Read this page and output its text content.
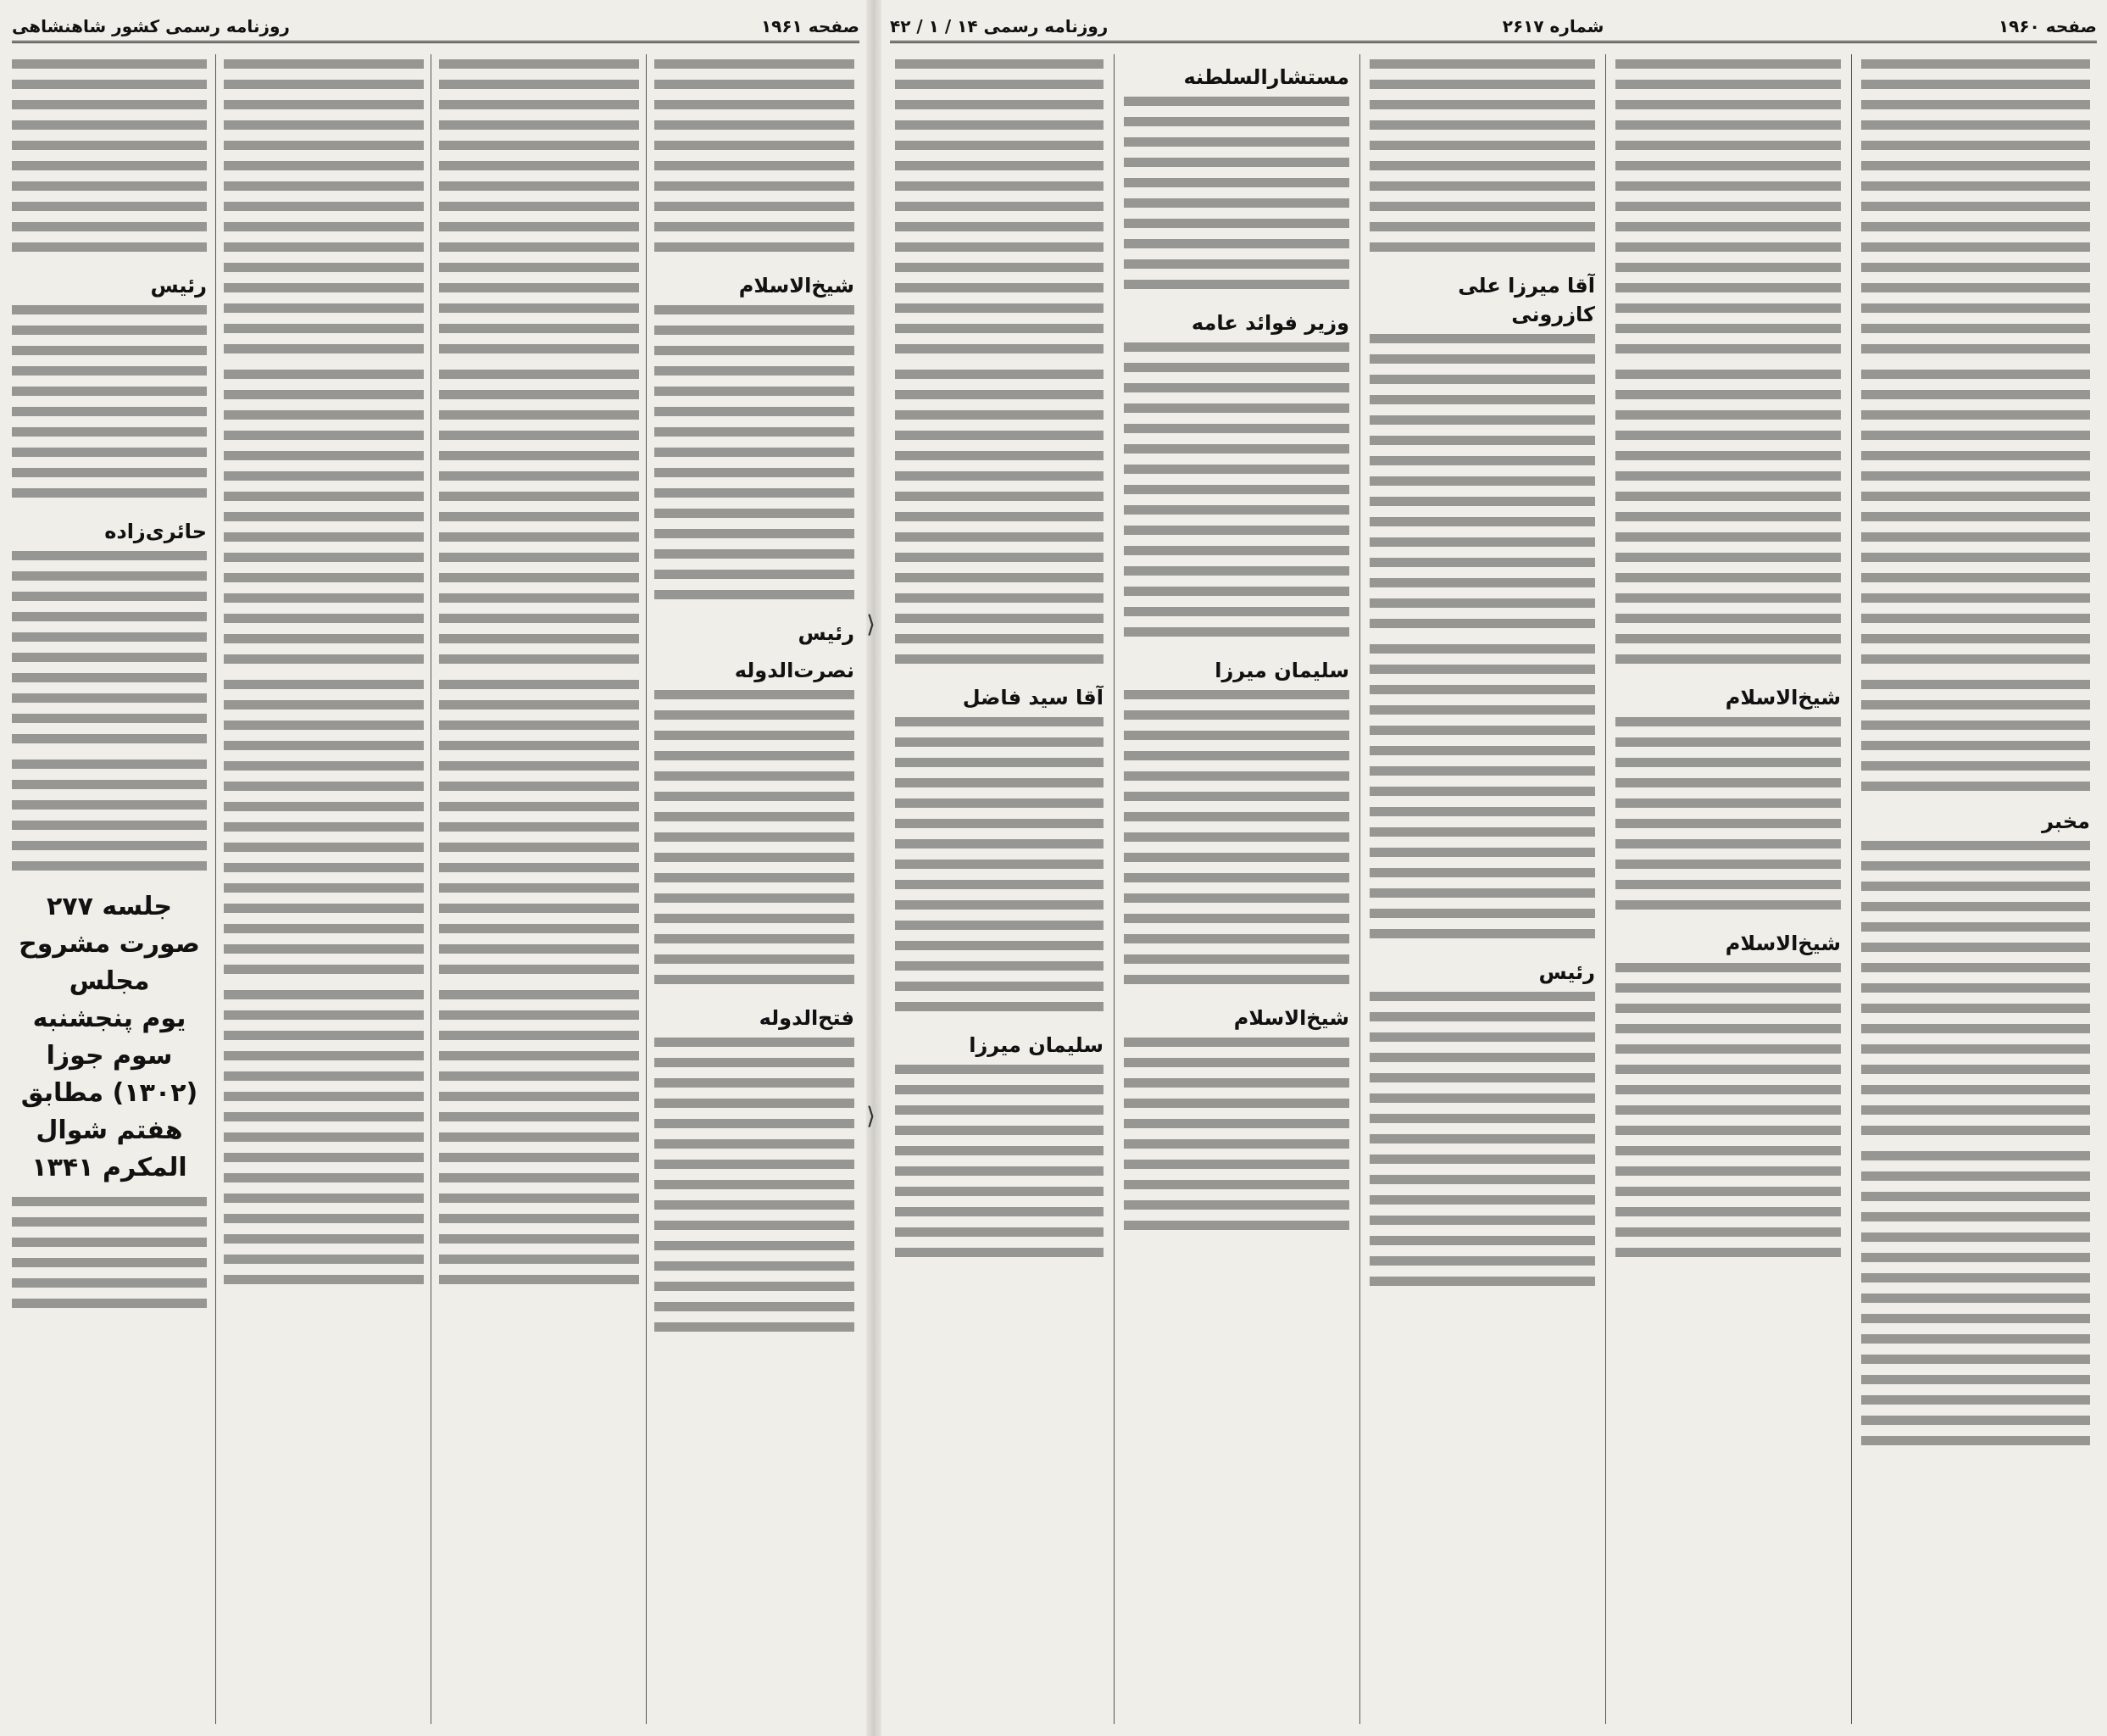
صفحه ۱۹۶۱
روزنامه رسمی کشور شاهنشاهی	صفحه ۱۹۶۰
شماره ۲۶۱۷
روزنامه رسمی ۱۴ / ۱ / ۴۲
⟩
⟩
شیخ‌الاسلام
رئیس
نصرت‌الدوله
فتح‌الدوله
رئیس
حائری‌زاده
جلسه ۲۷۷
صورت مشروح مجلس
یوم پنجشنبه سوم جوزا
(۱۳۰۲) مطابق هفتم شوال
المکرم ۱۳۴۱
مخبر
شیخ‌الاسلام
شیخ‌الاسلام
آقا میرزا علی کازرونی
رئیس
مستشار‌السلطنه
وزیر فوائد عامه
سلیمان میرزا
شیخ‌الاسلام
آقا سید فاضل
سلیمان میرزا
